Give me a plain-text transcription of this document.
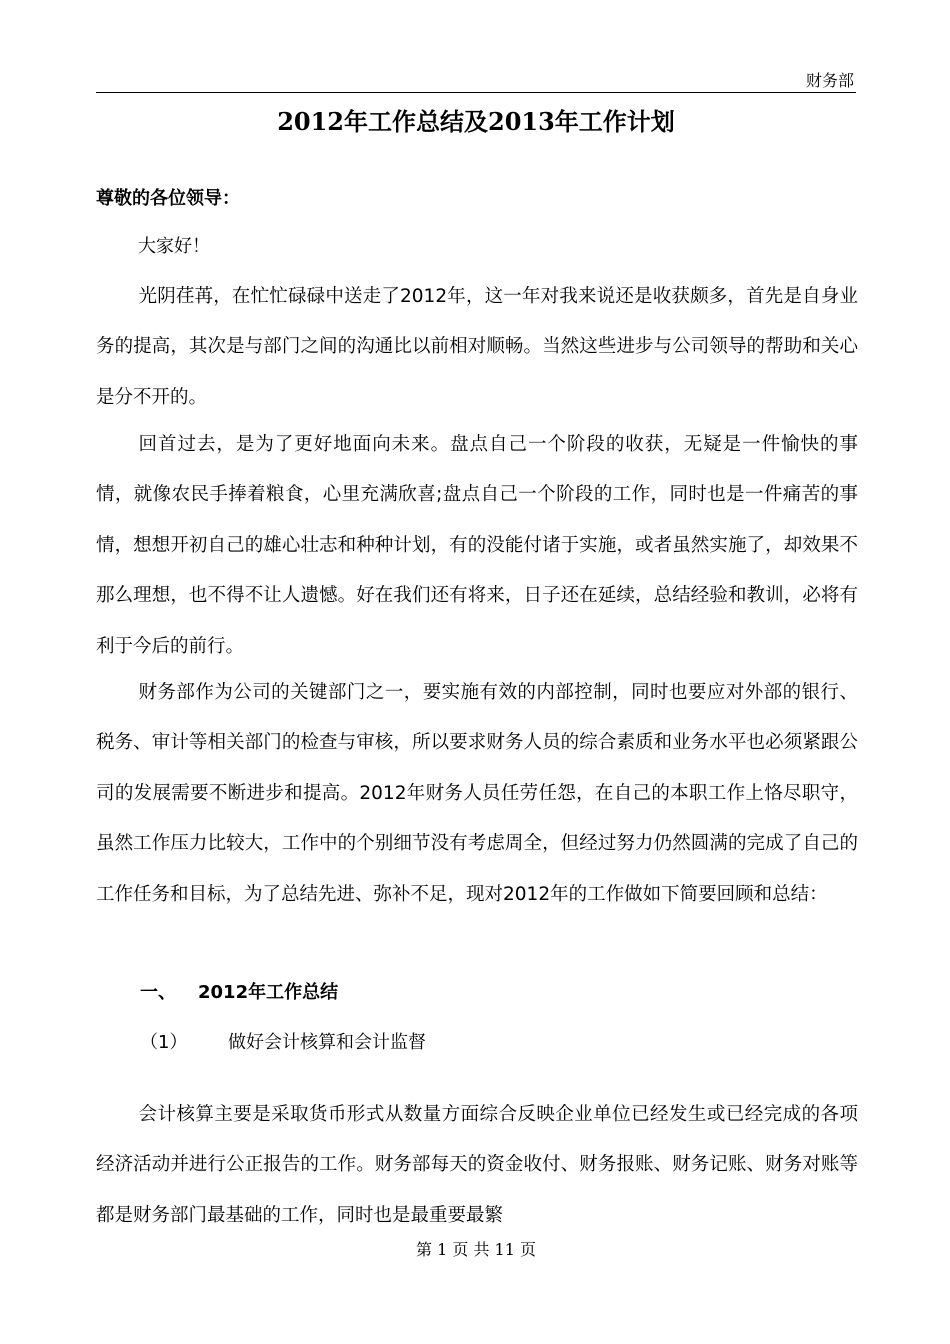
财务部
2012年工作总结及2013年工作计划
尊敬的各位领导：
大家好！

光阴荏苒，在忙忙碌碌中送走了2012年，这一年对我来说还是收获颇多，首先是自身业务的提高，其次是与部门之间的沟通比以前相对顺畅。当然这些进步与公司领导的帮助和关心是分不开的。

回首过去，是为了更好地面向未来。盘点自己一个阶段的收获，无疑是一件愉快的事情，就像农民手捧着粮食，心里充满欣喜;盘点自己一个阶段的工作，同时也是一件痛苦的事情，想想开初自己的雄心壮志和种种计划，有的没能付诸于实施，或者虽然实施了，却效果不那么理想，也不得不让人遗憾。好在我们还有将来，日子还在延续，总结经验和教训，必将有利于今后的前行。

财务部作为公司的关键部门之一，要实施有效的内部控制，同时也要应对外部的银行、税务、审计等相关部门的检查与审核，所以要求财务人员的综合素质和业务水平也必须紧跟公司的发展需要不断进步和提高。2012年财务人员任劳任怨，在自己的本职工作上恪尽职守，虽然工作压力比较大，工作中的个别细节没有考虑周全，但经过努力仍然圆满的完成了自己的工作任务和目标，为了总结先进、弥补不足，现对2012年的工作做如下简要回顾和总结：

一、 2012年工作总结
（1） 做好会计核算和会计监督

会计核算主要是采取货币形式从数量方面综合反映企业单位已经发生或已经完成的各项经济活动并进行公正报告的工作。财务部每天的资金收付、财务报账、财务记账、财务对账等都是财务部门最基础的工作，同时也是最重要最繁

第 1 页 共 11 页
